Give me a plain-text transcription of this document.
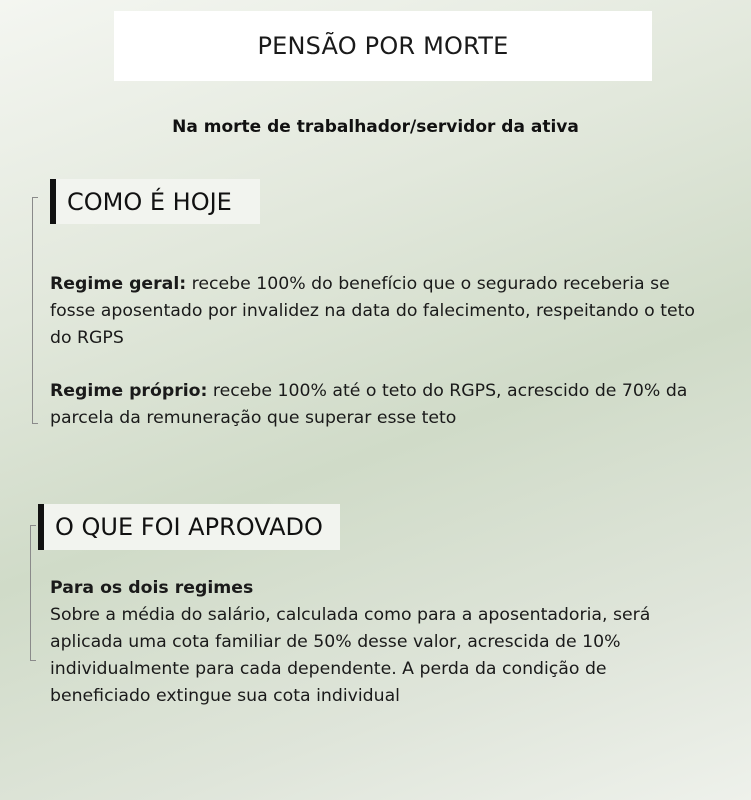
PENSÃO POR MORTE
Na morte de trabalhador/servidor da ativa
COMO É HOJE

Regime geral: recebe 100% do benefício que o segurado receberia se fosse aposentado por invalidez na data do falecimento, respeitando o teto do RGPS

Regime próprio: recebe 100% até o teto do RGPS, acrescido de 70% da parcela da remuneração que superar esse teto

O QUE FOI APROVADO
Para os dois regimes

Sobre a média do salário, calculada como para a aposentadoria, será aplicada uma cota familiar de 50% desse valor, acrescida de 10% individualmente para cada dependente. A perda da condição de beneficiado extingue sua cota individual
